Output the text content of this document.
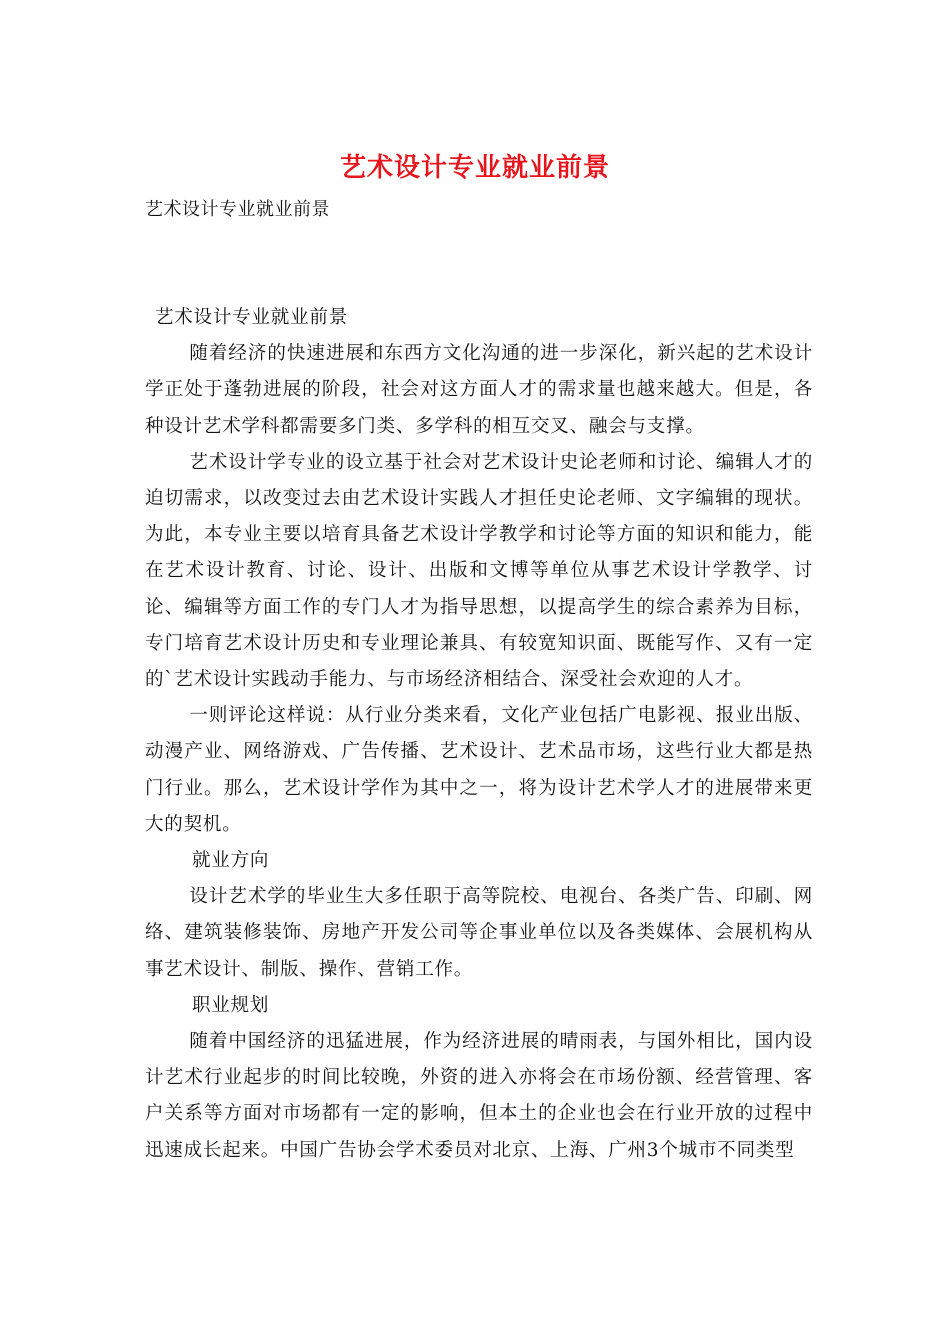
艺术设计专业就业前景
艺术设计专业就业前景

艺术设计专业就业前景

随着经济的快速进展和东西方文化沟通的进一步深化，新兴起的艺术设计学正处于蓬勃进展的阶段，社会对这方面人才的需求量也越来越大。但是，各种设计艺术学科都需要多门类、多学科的相互交叉、融会与支撑。

艺术设计学专业的设立基于社会对艺术设计史论老师和讨论、编辑人才的迫切需求，以改变过去由艺术设计实践人才担任史论老师、文字编辑的现状。为此，本专业主要以培育具备艺术设计学教学和讨论等方面的知识和能力，能在艺术设计教育、讨论、设计、出版和文博等单位从事艺术设计学教学、讨论、编辑等方面工作的专门人才为指导思想，以提高学生的综合素养为目标，专门培育艺术设计历史和专业理论兼具、有较宽知识面、既能写作、又有一定的`艺术设计实践动手能力、与市场经济相结合、深受社会欢迎的人才。

一则评论这样说：从行业分类来看，文化产业包括广电影视、报业出版、动漫产业、网络游戏、广告传播、艺术设计、艺术品市场，这些行业大都是热门行业。那么，艺术设计学作为其中之一，将为设计艺术学人才的进展带来更大的契机。

就业方向

设计艺术学的毕业生大多任职于高等院校、电视台、各类广告、印刷、网络、建筑装修装饰、房地产开发公司等企事业单位以及各类媒体、会展机构从事艺术设计、制版、操作、营销工作。

职业规划

随着中国经济的迅猛进展，作为经济进展的晴雨表，与国外相比，国内设计艺术行业起步的时间比较晚，外资的进入亦将会在市场份额、经营管理、客户关系等方面对市场都有一定的影响，但本土的企业也会在行业开放的过程中迅速成长起来。中国广告协会学术委员对北京、上海、广州3个城市不同类型
